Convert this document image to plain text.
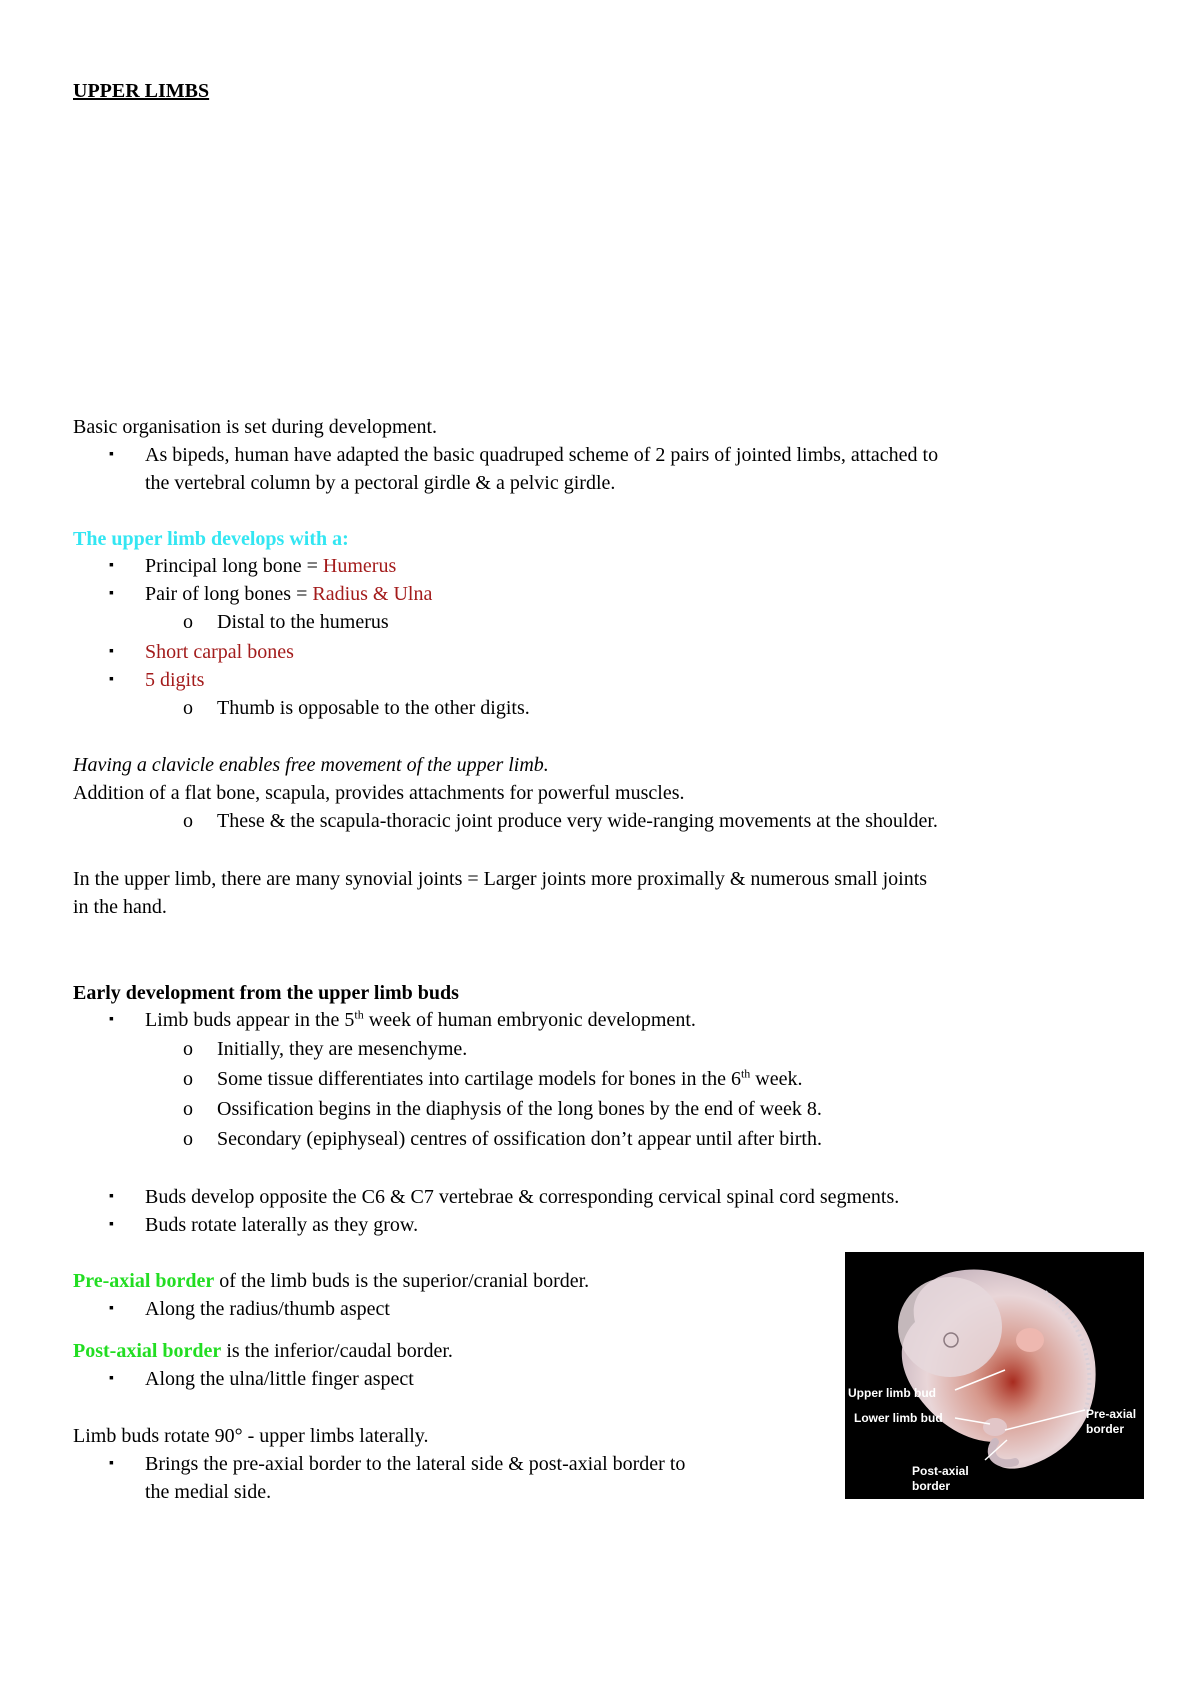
UPPER LIMBS
Basic organisation is set during development.
▪ As bipeds, human have adapted the basic quadruped scheme of 2 pairs of jointed limbs, attached to
the vertebral column by a pectoral girdle & a pelvic girdle.
The upper limb develops with a:
▪ Principal long bone = Humerus
▪ Pair of long bones = Radius & Ulna
o Distal to the humerus
▪ Short carpal bones
▪ 5 digits
o Thumb is opposable to the other digits.
Having a clavicle enables free movement of the upper limb.
Addition of a flat bone, scapula, provides attachments for powerful muscles.
o These & the scapula-thoracic joint produce very wide-ranging movements at the shoulder.
In the upper limb, there are many synovial joints = Larger joints more proximally & numerous small joints
in the hand.
Early development from the upper limb buds
▪ Limb buds appear in the 5th week of human embryonic development.
o Initially, they are mesenchyme.
o Some tissue differentiates into cartilage models for bones in the 6th week.
o Ossification begins in the diaphysis of the long bones by the end of week 8.
o Secondary (epiphyseal) centres of ossification don’t appear until after birth.
▪ Buds develop opposite the C6 & C7 vertebrae & corresponding cervical spinal cord segments.
▪ Buds rotate laterally as they grow.
Pre-axial border of the limb buds is the superior/cranial border.
▪ Along the radius/thumb aspect
Post-axial border is the inferior/caudal border.
▪ Along the ulna/little finger aspect
Limb buds rotate 90° - upper limbs laterally.
▪ Brings the pre-axial border to the lateral side & post-axial border to
the medial side.
Upper limb bud
Lower limb bud	Pre-axial
border
Post-axial
border
